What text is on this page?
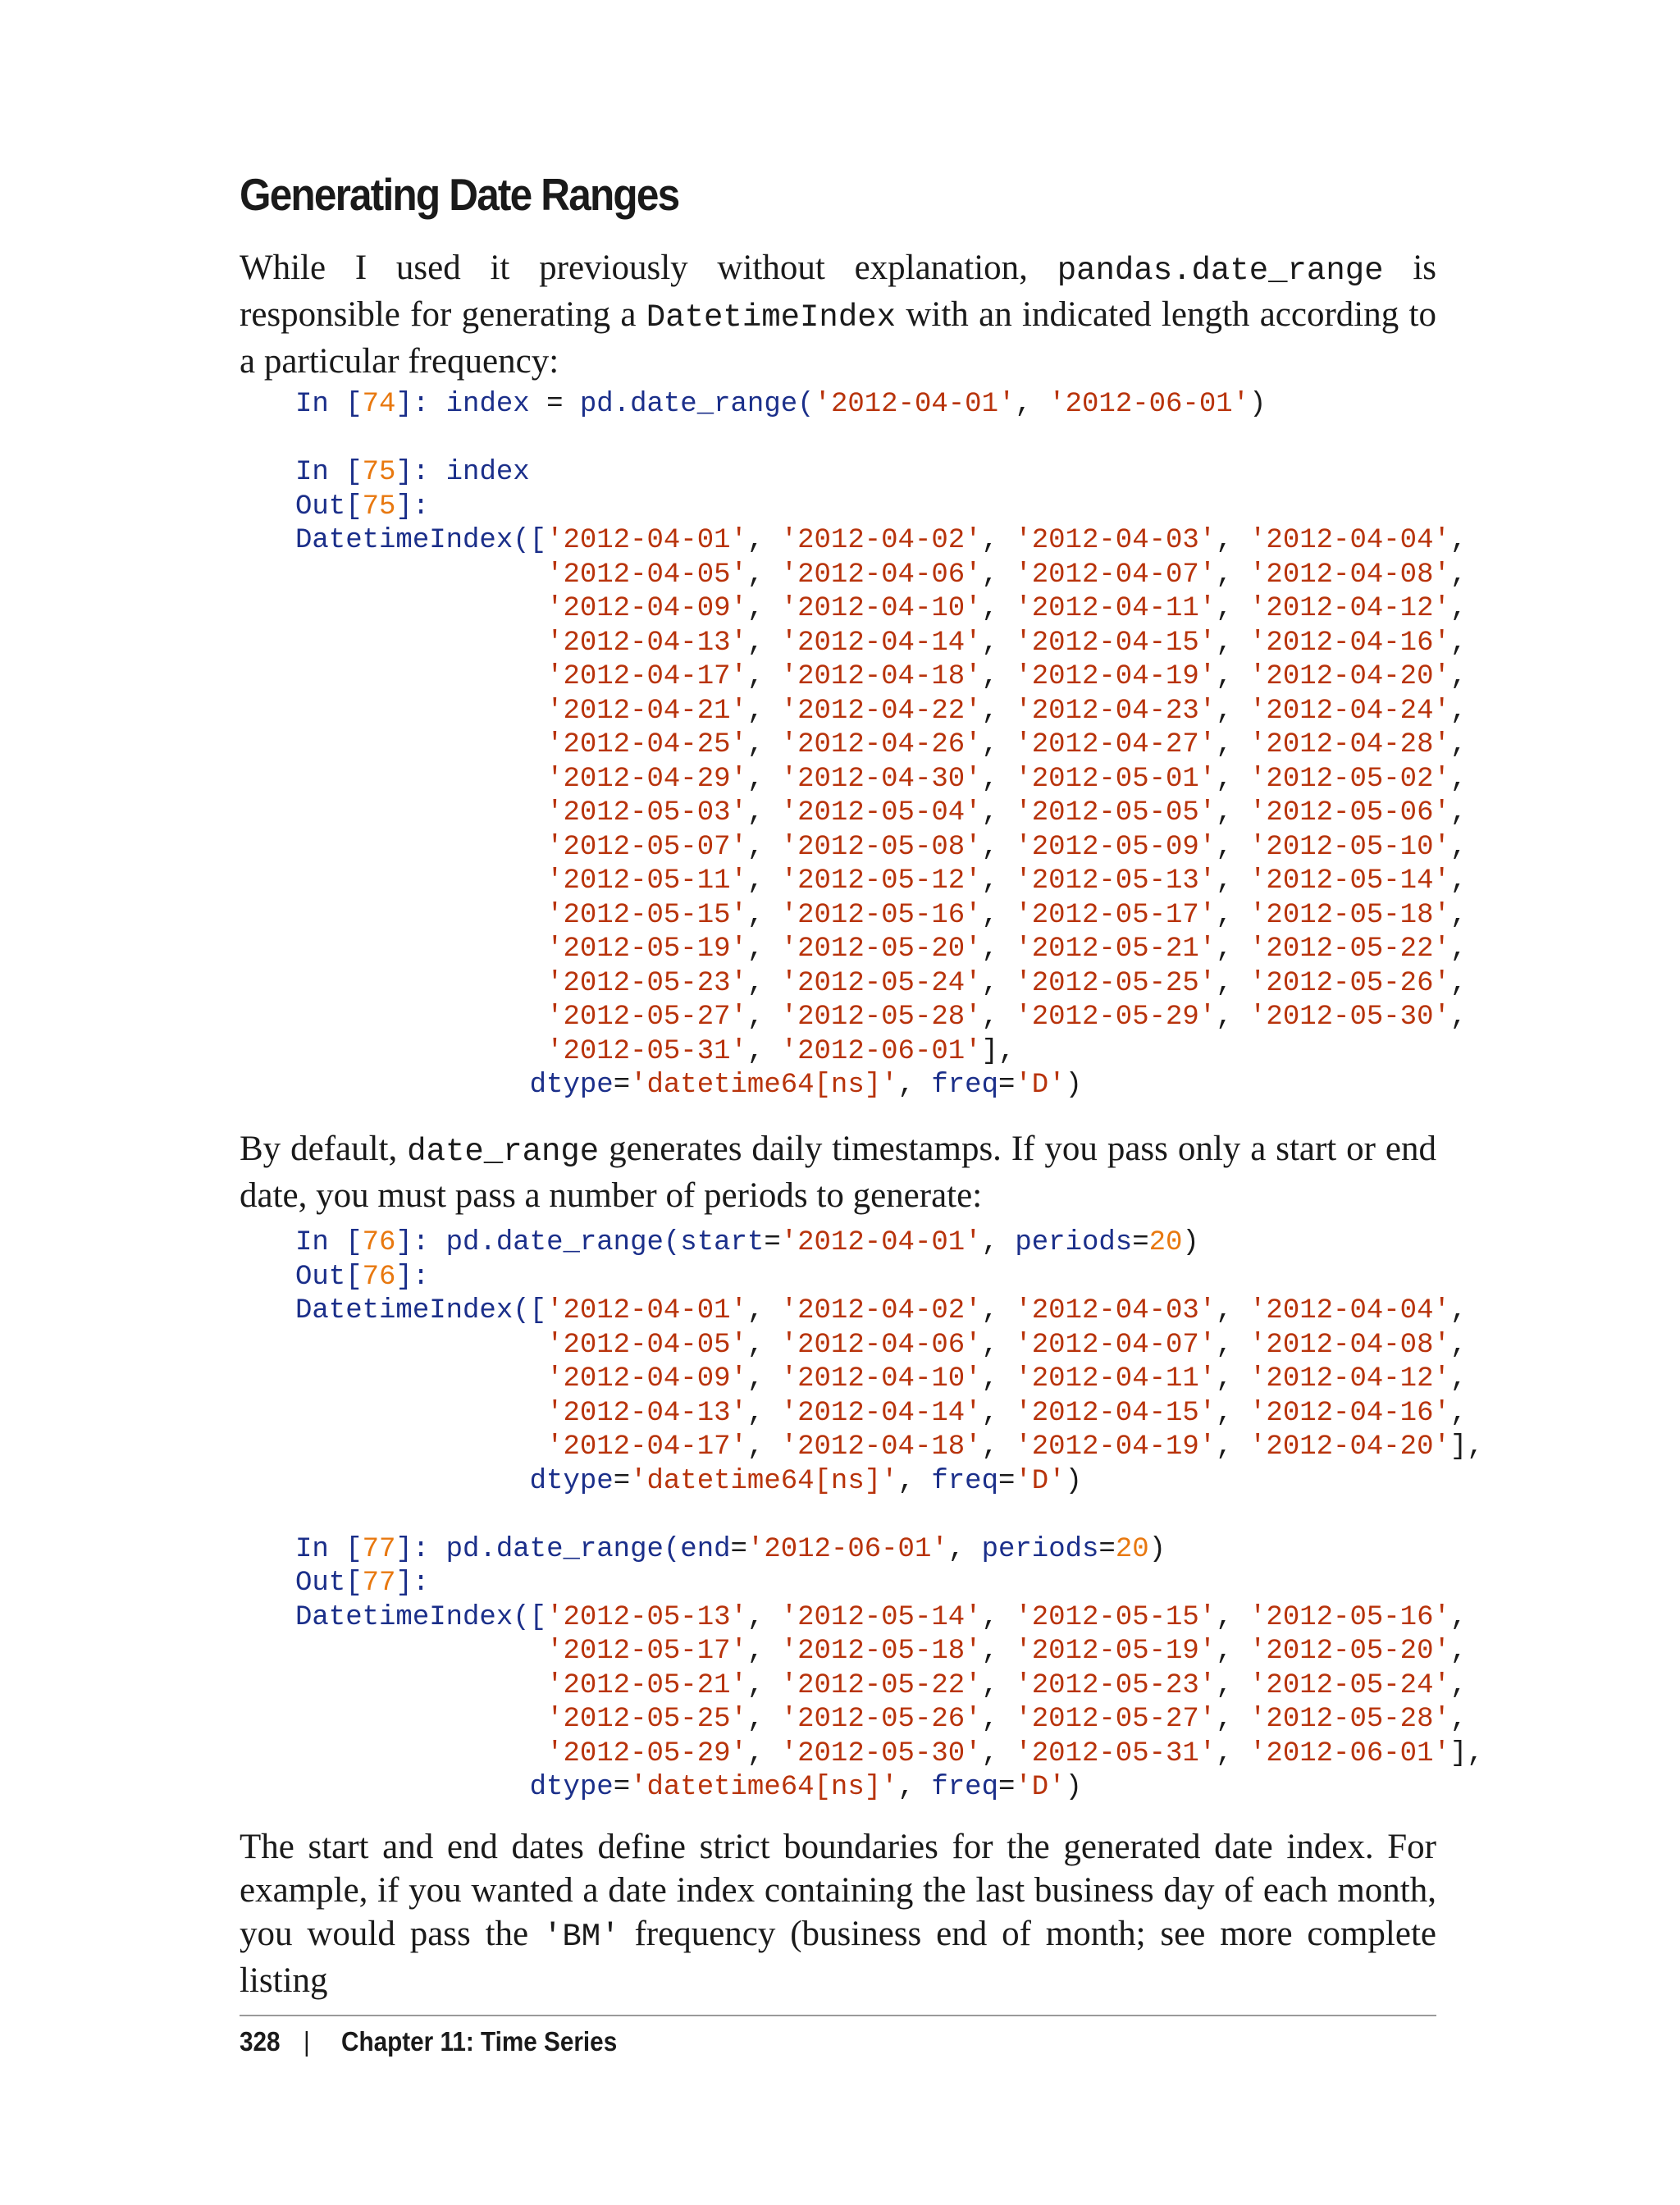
Generating Date Ranges

While I used it previously without explanation, pandas.date_range is responsible for generating a DatetimeIndex with an indicated length according to a particular frequency:

In [74]: index = pd.date_range('2012-04-01', '2012-06-01')

In [75]: index
Out[75]:
DatetimeIndex(['2012-04-01', '2012-04-02', '2012-04-03', '2012-04-04',
'2012-04-05', '2012-04-06', '2012-04-07', '2012-04-08',
'2012-04-09', '2012-04-10', '2012-04-11', '2012-04-12',
'2012-04-13', '2012-04-14', '2012-04-15', '2012-04-16',
'2012-04-17', '2012-04-18', '2012-04-19', '2012-04-20',
'2012-04-21', '2012-04-22', '2012-04-23', '2012-04-24',
'2012-04-25', '2012-04-26', '2012-04-27', '2012-04-28',
'2012-04-29', '2012-04-30', '2012-05-01', '2012-05-02',
'2012-05-03', '2012-05-04', '2012-05-05', '2012-05-06',
'2012-05-07', '2012-05-08', '2012-05-09', '2012-05-10',
'2012-05-11', '2012-05-12', '2012-05-13', '2012-05-14',
'2012-05-15', '2012-05-16', '2012-05-17', '2012-05-18',
'2012-05-19', '2012-05-20', '2012-05-21', '2012-05-22',
'2012-05-23', '2012-05-24', '2012-05-25', '2012-05-26',
'2012-05-27', '2012-05-28', '2012-05-29', '2012-05-30',
'2012-05-31', '2012-06-01'],
dtype='datetime64[ns]', freq='D')

By default, date_range generates daily timestamps. If you pass only a start or end date, you must pass a number of periods to generate:

In [76]: pd.date_range(start='2012-04-01', periods=20)
Out[76]:
DatetimeIndex(['2012-04-01', '2012-04-02', '2012-04-03', '2012-04-04',
'2012-04-05', '2012-04-06', '2012-04-07', '2012-04-08',
'2012-04-09', '2012-04-10', '2012-04-11', '2012-04-12',
'2012-04-13', '2012-04-14', '2012-04-15', '2012-04-16',
'2012-04-17', '2012-04-18', '2012-04-19', '2012-04-20'],
dtype='datetime64[ns]', freq='D')

In [77]: pd.date_range(end='2012-06-01', periods=20)
Out[77]:
DatetimeIndex(['2012-05-13', '2012-05-14', '2012-05-15', '2012-05-16',
'2012-05-17', '2012-05-18', '2012-05-19', '2012-05-20',
'2012-05-21', '2012-05-22', '2012-05-23', '2012-05-24',
'2012-05-25', '2012-05-26', '2012-05-27', '2012-05-28',
'2012-05-29', '2012-05-30', '2012-05-31', '2012-06-01'],
dtype='datetime64[ns]', freq='D')

The start and end dates define strict boundaries for the generated date index. For example, if you wanted a date index containing the last business day of each month, you would pass the 'BM' frequency (business end of month; see more complete listing

328 | Chapter 11: Time Series
